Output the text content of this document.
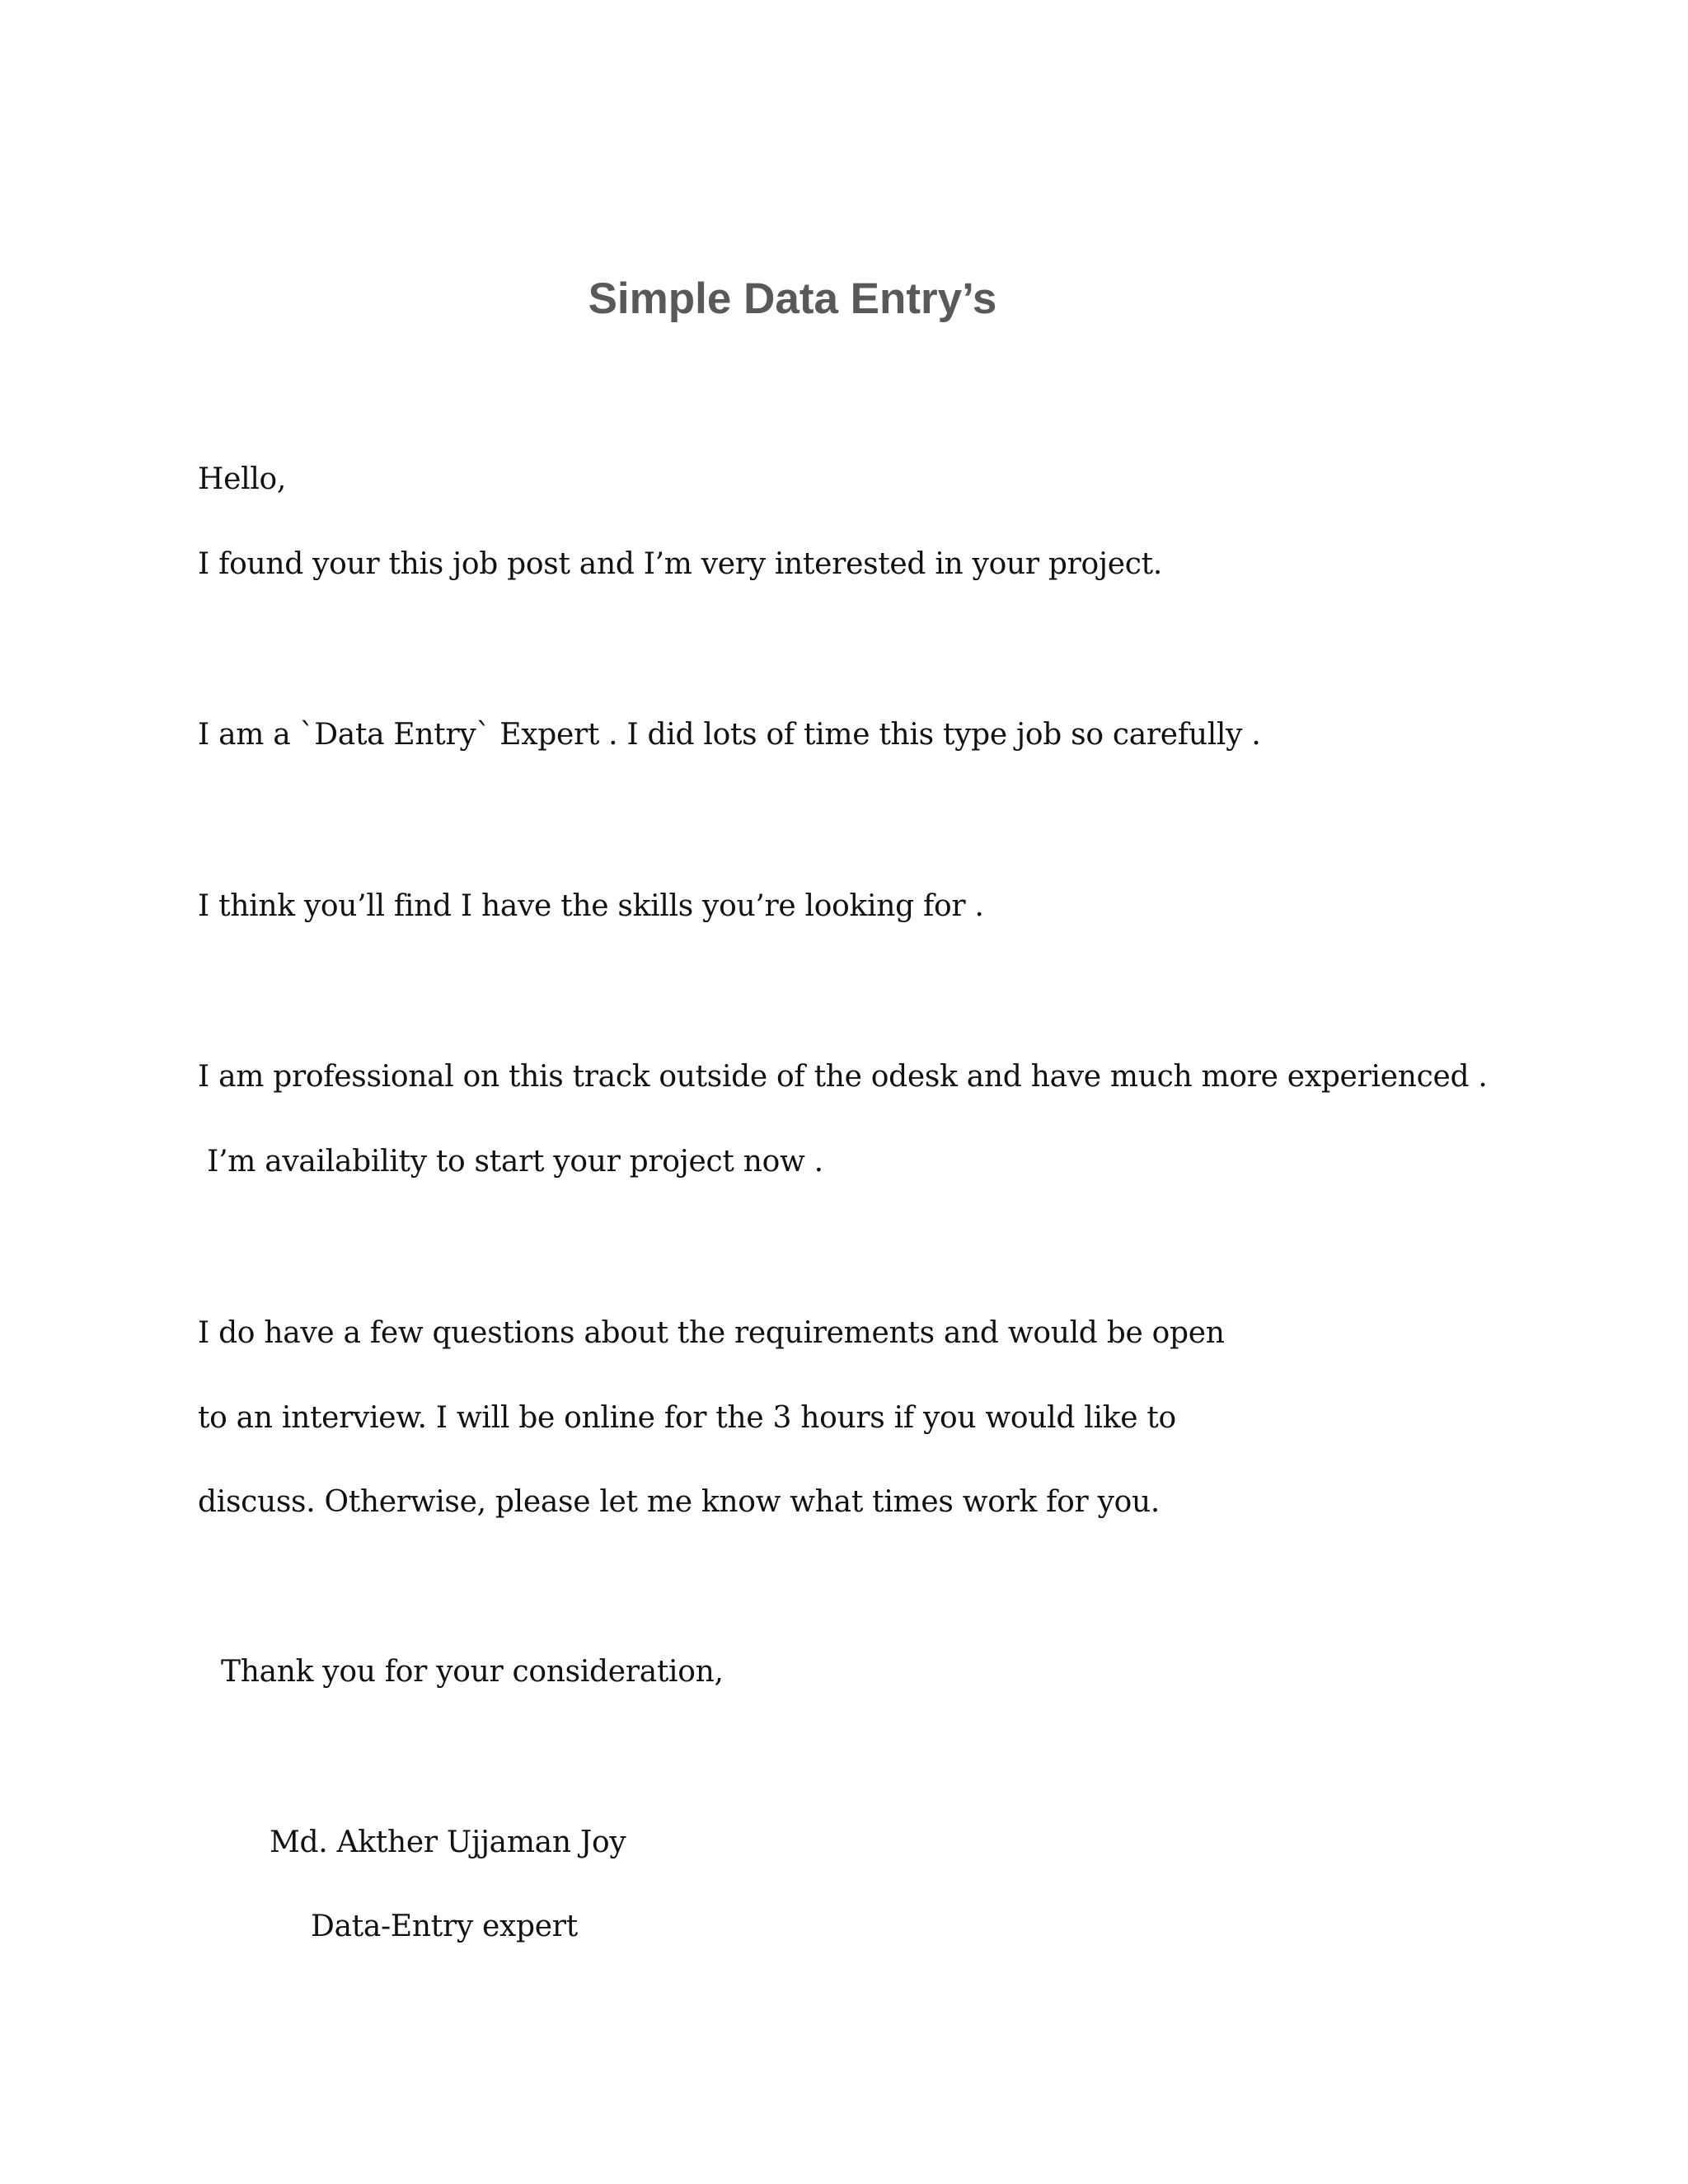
Simple Data Entry’s
Hello,
I found your this job post and I’m very interested in your project.
I am a `Data Entry` Expert . I did lots of time this type job so carefully .
I think you’ll find I have the skills you’re looking for .
I am professional on this track outside of the odesk and have much more experienced .
I’m availability to start your project now .
I do have a few questions about the requirements and would be open
to an interview. I will be online for the 3 hours if you would like to
discuss. Otherwise, please let me know what times work for you.
Thank you for your consideration,
Md. Akther Ujjaman Joy
Data-Entry expert
